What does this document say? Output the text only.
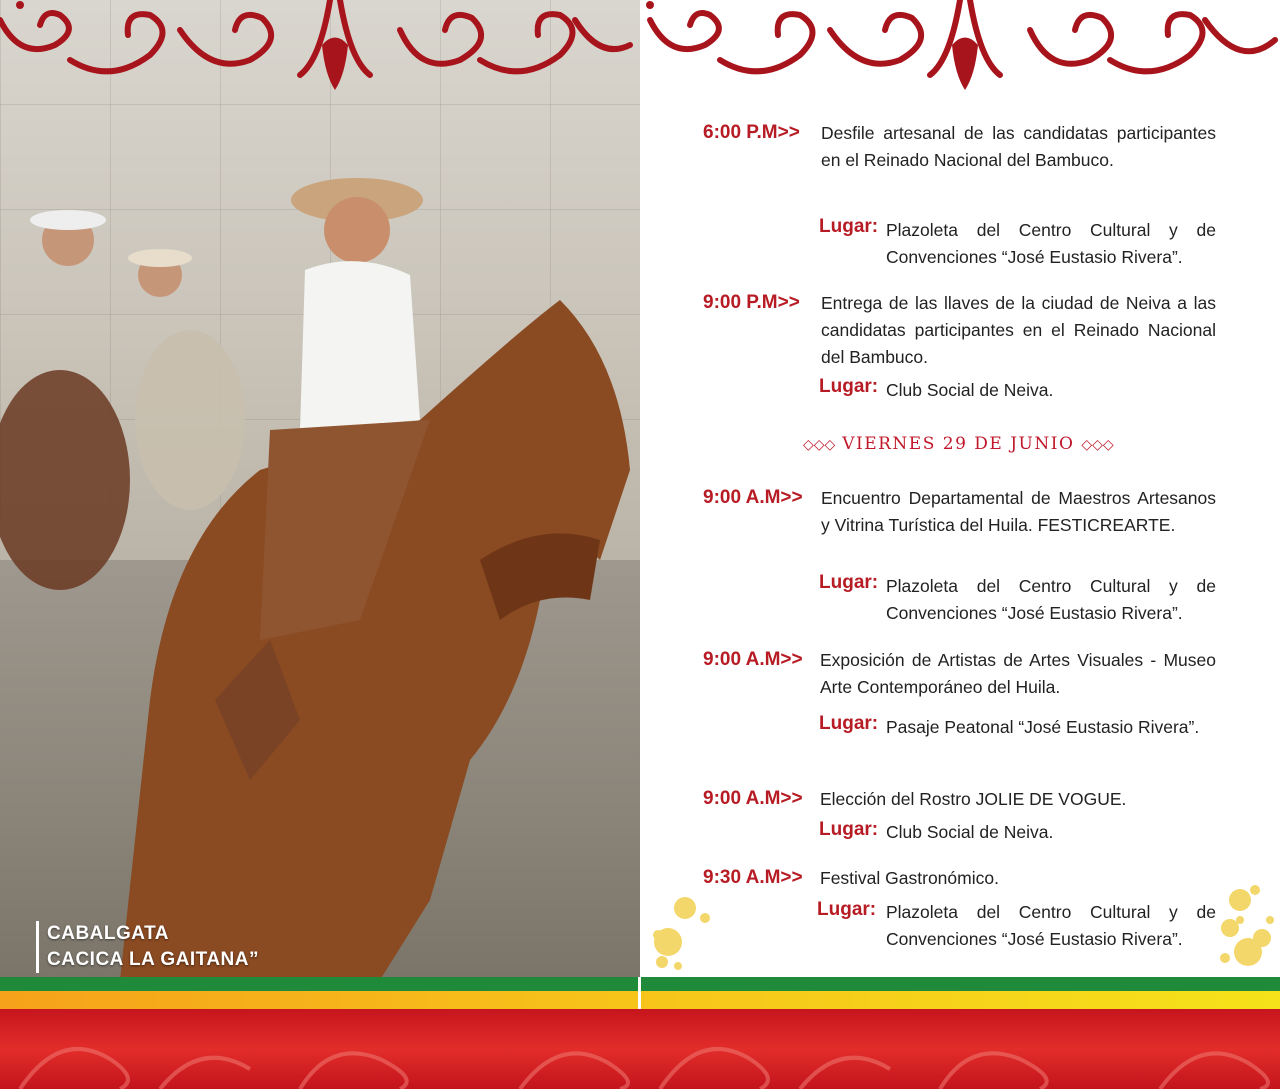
CABALGATA
CACICA LA GAITANA”
6:00 P.M>> Desfile artesanal de las candidatas participantes en el Reinado Nacional del Bambuco.
Lugar: Plazoleta del Centro Cultural y de Convenciones “José Eustasio Rivera”.
9:00 P.M>> Entrega de las llaves de la ciudad de Neiva a las candidatas participantes en el Reinado Nacional del Bambuco.
Lugar: Club Social de Neiva.
◇◇◇ VIERNES 29 DE JUNIO ◇◇◇
9:00 A.M>> Encuentro Departamental de Maestros Artesanos y Vitrina Turística del Huila. FESTICREARTE.
Lugar: Plazoleta del Centro Cultural y de Convenciones “José Eustasio Rivera”.
9:00 A.M>> Exposición de Artistas de Artes Visuales - Museo Arte Contemporáneo del Huila.
Lugar: Pasaje Peatonal “José Eustasio Rivera”.
9:00 A.M>> Elección del Rostro JOLIE DE VOGUE.
Lugar: Club Social de Neiva.
9:30 A.M>> Festival Gastronómico.
Lugar: Plazoleta del Centro Cultural y de Convenciones “José Eustasio Rivera”.
